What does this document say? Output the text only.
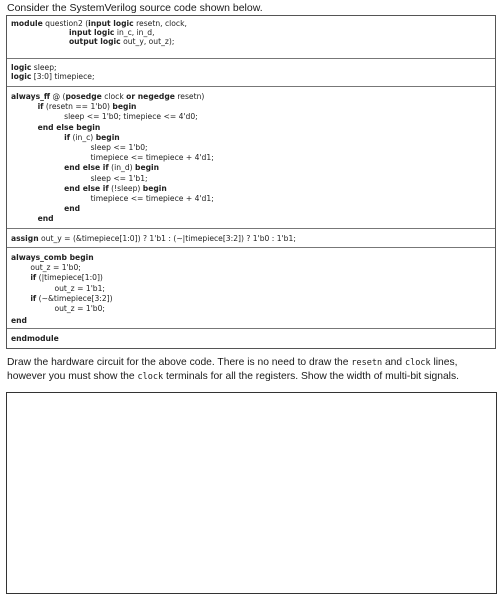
Consider the SystemVerilog source code shown below.
module question2 (input logic resetn, clock,
input logic in_c, in_d,
output logic out_y, out_z);
logic sleep;
logic [3:0] timepiece;
always_ff @ (posedge clock or negedge resetn)
if (resetn == 1'b0) begin
sleep <= 1'b0; timepiece <= 4'd0;
end else begin
if (in_c) begin
sleep <= 1'b0;
timepiece <= timepiece + 4'd1;
end else if (in_d) begin
sleep <= 1'b1;
end else if (!sleep) begin
timepiece <= timepiece + 4'd1;
end
end
assign out_y = (&timepiece[1:0]) ? 1'b1 : (~|timepiece[3:2]) ? 1'b0 : 1'b1;
always_comb begin
out_z = 1'b0;
if (|timepiece[1:0])
out_z = 1'b1;
if (~&timepiece[3:2])
out_z = 1'b0;
end
endmodule
Draw the hardware circuit for the above code. There is no need to draw the resetn and clock lines, however you must show the clock terminals for all the registers. Show the width of multi-bit signals.
